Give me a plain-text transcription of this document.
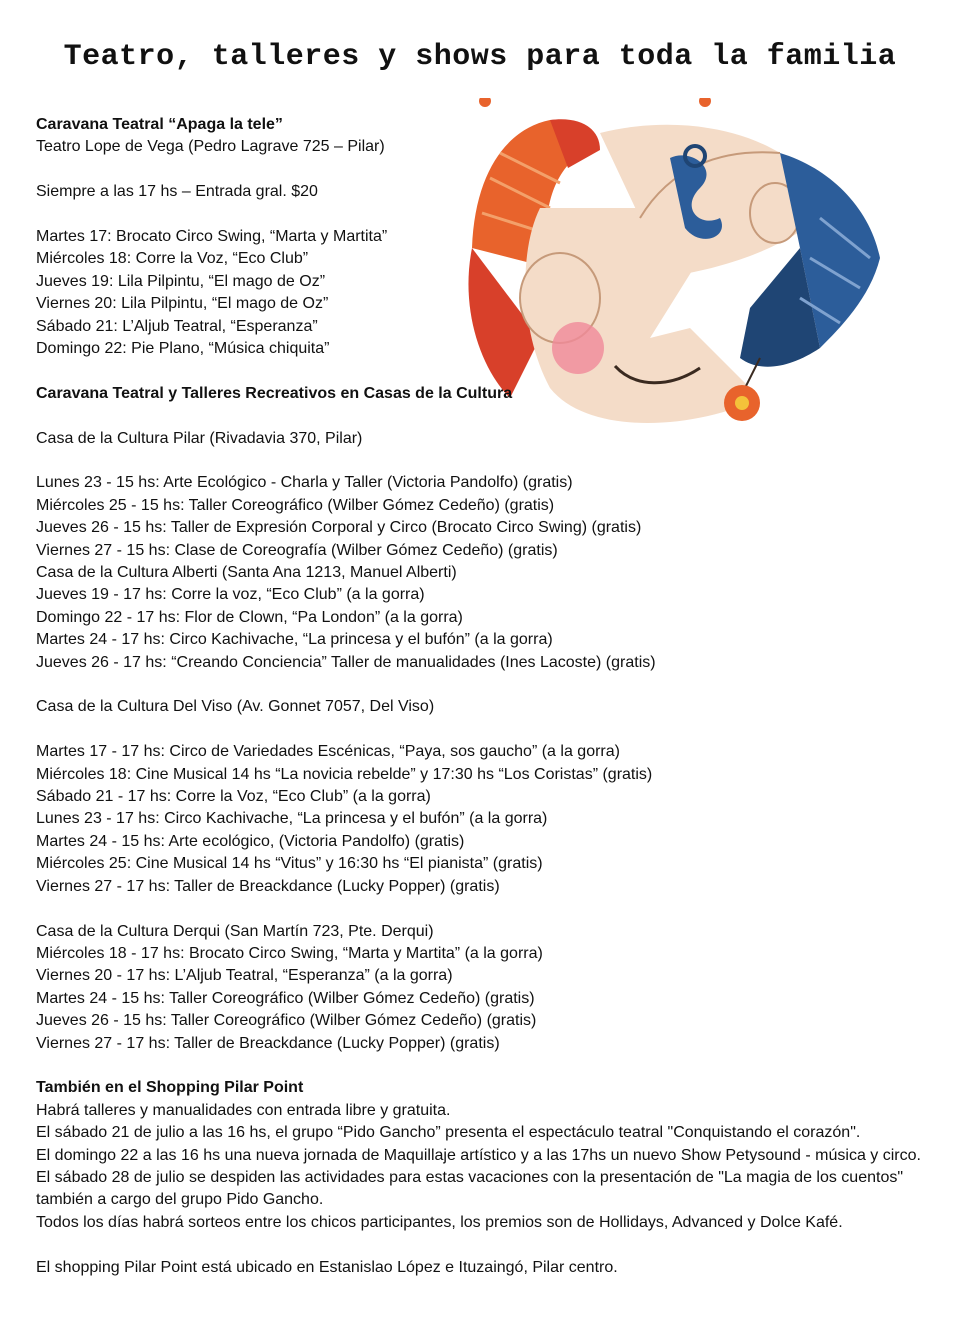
Teatro, talleres y shows para toda la familia
Caravana Teatral “Apaga la tele”
Teatro Lope de Vega (Pedro Lagrave 725 – Pilar)
Siempre a las 17 hs – Entrada gral. $20
Martes 17: Brocato Circo Swing, “Marta y Martita”
Miércoles 18: Corre la Voz, “Eco Club”
Jueves 19: Lila Pilpintu, “El mago de Oz”
Viernes 20: Lila Pilpintu, “El mago de Oz”
Sábado 21: L’Aljub Teatral, “Esperanza”
Domingo 22: Pie Plano, “Música chiquita”
Caravana Teatral y Talleres Recreativos en Casas de la Cultura
Casa de la Cultura Pilar (Rivadavia 370, Pilar)
Lunes 23 - 15 hs: Arte Ecológico - Charla y Taller (Victoria Pandolfo) (gratis)
Miércoles 25 - 15 hs: Taller Coreográfico (Wilber Gómez Cedeño) (gratis)
Jueves 26 - 15 hs: Taller de Expresión Corporal y Circo (Brocato Circo Swing) (gratis)
Viernes 27 - 15 hs: Clase de Coreografía (Wilber Gómez Cedeño) (gratis)
Casa de la Cultura Alberti (Santa Ana 1213, Manuel Alberti)
Jueves 19 - 17 hs: Corre la voz, “Eco Club” (a la gorra)
Domingo 22 - 17 hs: Flor de Clown, “Pa London” (a la gorra)
Martes 24 - 17 hs: Circo Kachivache, “La princesa y el bufón” (a la gorra)
Jueves 26 - 17 hs: “Creando Conciencia” Taller de manualidades (Ines Lacoste) (gratis)
Casa de la Cultura Del Viso (Av. Gonnet 7057, Del Viso)
Martes 17 - 17 hs: Circo de Variedades Escénicas, “Paya, sos gaucho” (a la gorra)
Miércoles 18: Cine Musical 14 hs “La novicia rebelde” y 17:30 hs “Los Coristas” (gratis)
Sábado 21 - 17 hs: Corre la Voz, “Eco Club” (a la gorra)
Lunes 23 - 17 hs: Circo Kachivache, “La princesa y el bufón” (a la gorra)
Martes 24 - 15 hs: Arte ecológico, (Victoria Pandolfo) (gratis)
Miércoles 25: Cine Musical 14 hs “Vitus” y 16:30 hs “El pianista” (gratis)
Viernes 27 - 17 hs: Taller de Breackdance (Lucky Popper) (gratis)
Casa de la Cultura Derqui (San Martín 723, Pte. Derqui)
Miércoles 18 - 17 hs: Brocato Circo Swing, “Marta y Martita” (a la gorra)
Viernes 20 - 17 hs: L’Aljub Teatral, “Esperanza” (a la gorra)
Martes 24 - 15 hs: Taller Coreográfico (Wilber Gómez Cedeño) (gratis)
Jueves 26 - 15 hs: Taller Coreográfico (Wilber Gómez Cedeño) (gratis)
Viernes 27 - 17 hs: Taller de Breackdance (Lucky Popper) (gratis)
También en el Shopping Pilar Point
Habrá talleres y manualidades con entrada libre y gratuita.
El sábado 21 de julio a las 16 hs, el grupo “Pido Gancho” presenta el espectáculo teatral "Conquistando el corazón".
El domingo 22 a las 16 hs una nueva jornada de Maquillaje artístico y a las 17hs un nuevo Show Petysound - música y circo.
El sábado 28 de julio se despiden las actividades para estas vacaciones con la presentación de "La magia de los cuentos" también a cargo del grupo Pido Gancho.
Todos los días habrá sorteos entre los chicos participantes, los premios son de Hollidays, Advanced y Dolce Kafé.
El shopping Pilar Point está ubicado en Estanislao López e Ituzaingó, Pilar centro.
